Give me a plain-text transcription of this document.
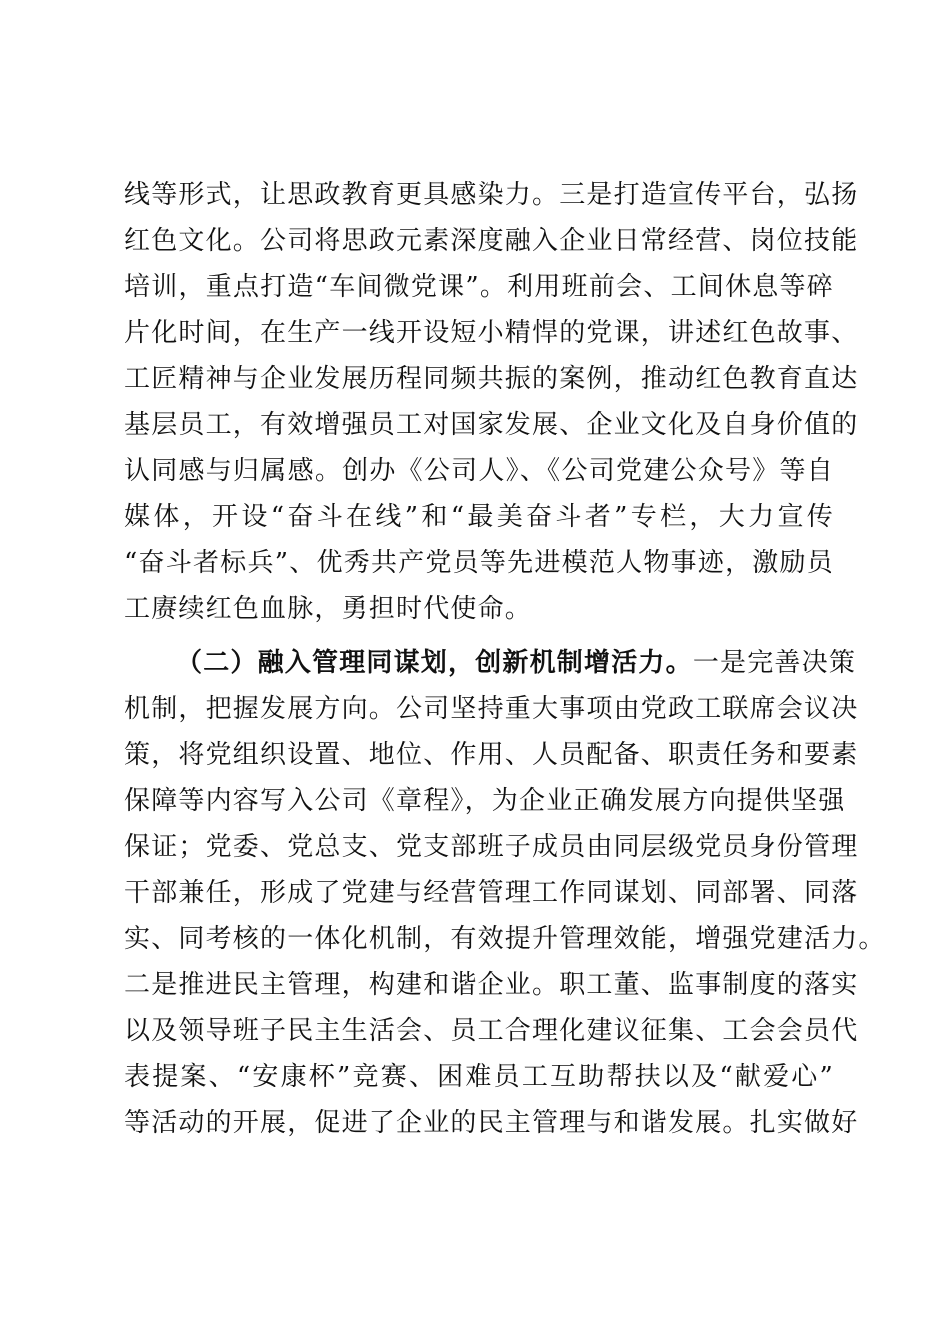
线等形式，让思政教育更具感染力。三是打造宣传平台，弘扬
红色文化。公司将思政元素深度融入企业日常经营、岗位技能
培训，重点打造“车间微党课”。利用班前会、工间休息等碎
片化时间，在生产一线开设短小精悍的党课，讲述红色故事、
工匠精神与企业发展历程同频共振的案例，推动红色教育直达
基层员工，有效增强员工对国家发展、企业文化及自身价值的
认同感与归属感。创办《公司人》、《公司党建公众号》等自
媒体，开设“奋斗在线”和“最美奋斗者”专栏，大力宣传
“奋斗者标兵”、优秀共产党员等先进模范人物事迹，激励员
工赓续红色血脉，勇担时代使命。
（二）融入管理同谋划，创新机制增活力。一是完善决策
机制，把握发展方向。公司坚持重大事项由党政工联席会议决
策，将党组织设置、地位、作用、人员配备、职责任务和要素
保障等内容写入公司《章程》，为企业正确发展方向提供坚强
保证；党委、党总支、党支部班子成员由同层级党员身份管理
干部兼任，形成了党建与经营管理工作同谋划、同部署、同落
实、同考核的一体化机制，有效提升管理效能，增强党建活力。
二是推进民主管理，构建和谐企业。职工董、监事制度的落实
以及领导班子民主生活会、员工合理化建议征集、工会会员代
表提案、“安康杯”竞赛、困难员工互助帮扶以及“献爱心”
等活动的开展，促进了企业的民主管理与和谐发展。扎实做好
